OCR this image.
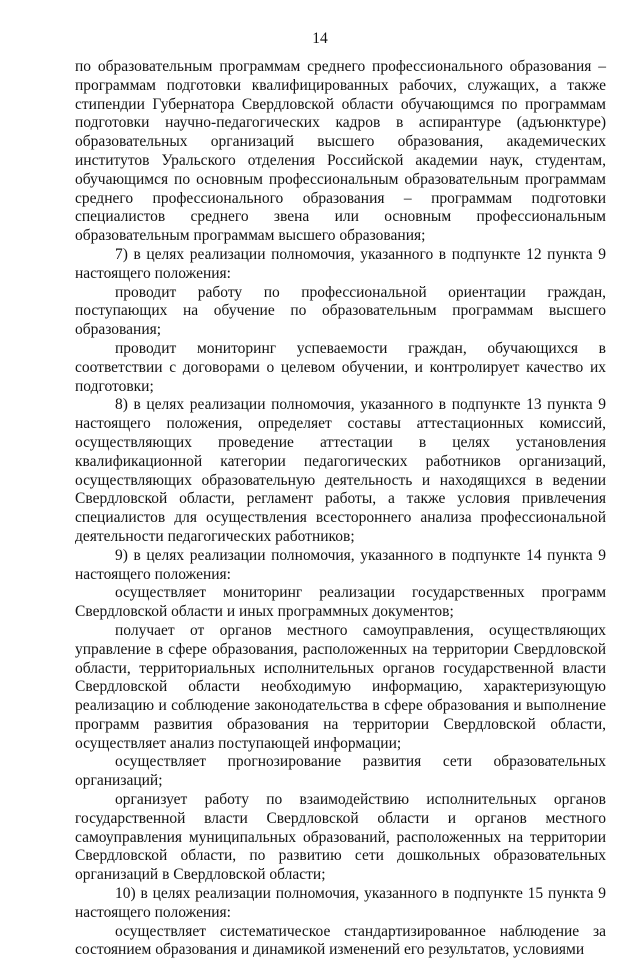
14

по образовательным программам среднего профессионального образования – программам подготовки квалифицированных рабочих, служащих, а также стипендии Губернатора Свердловской области обучающимся по программам подготовки научно-педагогических кадров в аспирантуре (адъюнктуре) образовательных организаций высшего образования, академических институтов Уральского отделения Российской академии наук, студентам, обучающимся по основным профессиональным образовательным программам среднего профессионального образования – программам подготовки специалистов среднего звена или основным профессиональным образовательным программам высшего образования;

7) в целях реализации полномочия, указанного в подпункте 12 пункта 9 настоящего положения:

проводит работу по профессиональной ориентации граждан, поступающих на обучение по образовательным программам высшего образования;

проводит мониторинг успеваемости граждан, обучающихся в соответствии с договорами о целевом обучении, и контролирует качество их подготовки;

8) в целях реализации полномочия, указанного в подпункте 13 пункта 9 настоящего положения, определяет составы аттестационных комиссий, осуществляющих проведение аттестации в целях установления квалификационной категории педагогических работников организаций, осуществляющих образовательную деятельность и находящихся в ведении Свердловской области, регламент работы, а также условия привлечения специалистов для осуществления всестороннего анализа профессиональной деятельности педагогических работников;

9) в целях реализации полномочия, указанного в подпункте 14 пункта 9 настоящего положения:

осуществляет мониторинг реализации государственных программ Свердловской области и иных программных документов;

получает от органов местного самоуправления, осуществляющих управление в сфере образования, расположенных на территории Свердловской области, территориальных исполнительных органов государственной власти Свердловской области необходимую информацию, характеризующую реализацию и соблюдение законодательства в сфере образования и выполнение программ развития образования на территории Свердловской области, осуществляет анализ поступающей информации;

осуществляет прогнозирование развития сети образовательных организаций;

организует работу по взаимодействию исполнительных органов государственной власти Свердловской области и органов местного самоуправления муниципальных образований, расположенных на территории Свердловской области, по развитию сети дошкольных образовательных организаций в Свердловской области;

10) в целях реализации полномочия, указанного в подпункте 15 пункта 9 настоящего положения:

осуществляет систематическое стандартизированное наблюдение за состоянием образования и динамикой изменений его результатов, условиями
